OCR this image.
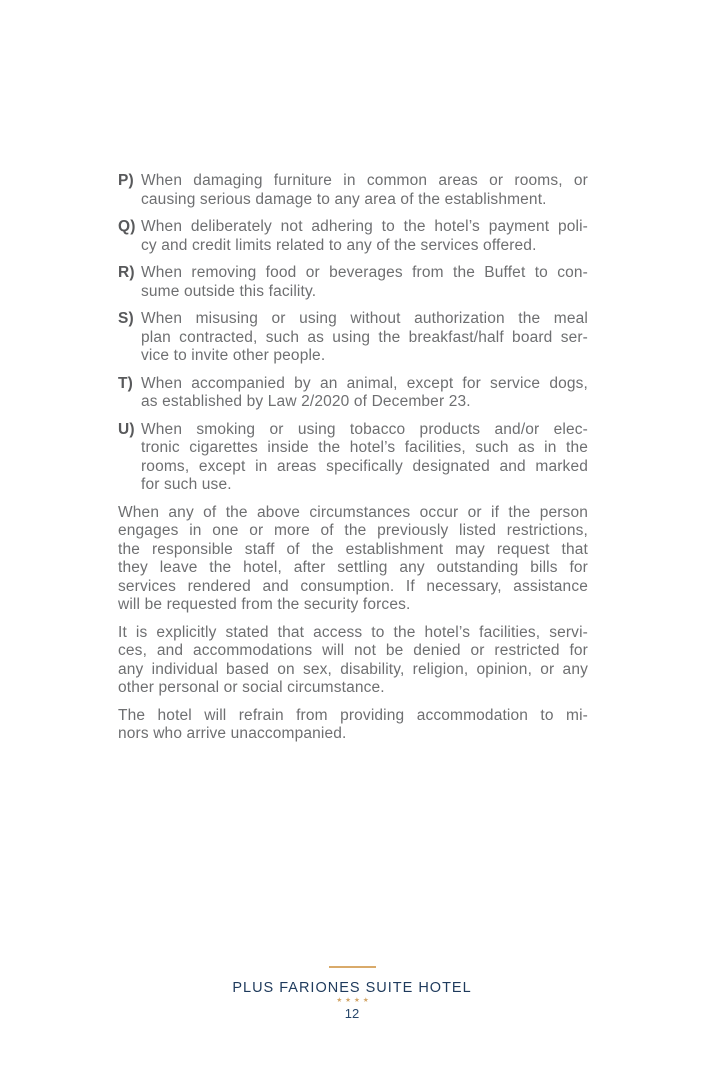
P) When damaging furniture in common areas or rooms, or
causing serious damage to any area of the establishment.
Q) When deliberately not adhering to the hotel’s payment poli-
cy and credit limits related to any of the services offered.
R) When removing food or beverages from the Buffet to con-
sume outside this facility.
S) When misusing or using without authorization the meal
plan contracted, such as using the breakfast/half board ser-
vice to invite other people.
T) When accompanied by an animal, except for service dogs,
as established by Law 2/2020 of December 23.
U) When smoking or using tobacco products and/or elec-
tronic cigarettes inside the hotel’s facilities, such as in the
rooms, except in areas specifically designated and marked
for such use.
When any of the above circumstances occur or if the person
engages in one or more of the previously listed restrictions,
the responsible staff of the establishment may request that
they leave the hotel, after settling any outstanding bills for
services rendered and consumption. If necessary, assistance
will be requested from the security forces.
It is explicitly stated that access to the hotel’s facilities, servi-
ces, and accommodations will not be denied or restricted for
any individual based on sex, disability, religion, opinion, or any
other personal or social circumstance.
The hotel will refrain from providing accommodation to mi-
nors who arrive unaccompanied.
PLUS FARIONES SUITE HOTEL
★★★★
12
